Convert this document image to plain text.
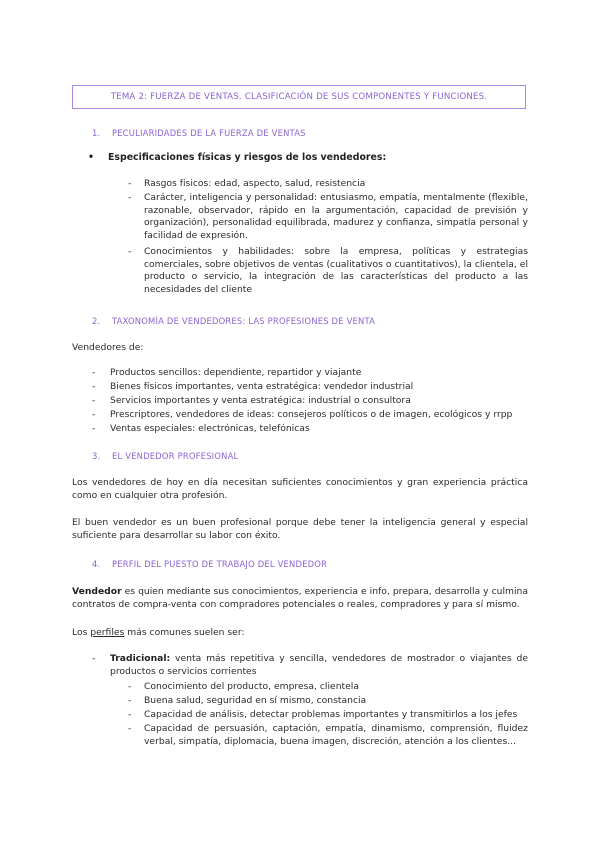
TEMA 2: FUERZA DE VENTAS. CLASIFICACIÓN DE SUS COMPONENTES Y FUNCIONES.
1. PECULIARIDADES DE LA FUERZA DE VENTAS
• Especificaciones físicas y riesgos de los vendedores:
- Rasgos físicos: edad, aspecto, salud, resistencia
- Carácter, inteligencia y personalidad: entusiasmo, empatía, mentalmente (flexible, razonable, observador, rápido en la argumentación, capacidad de previsión y organización), personalidad equilibrada, madurez y confianza, simpatía personal y facilidad de expresión.
- Conocimientos y habilidades: sobre la empresa, políticas y estrategias comerciales, sobre objetivos de ventas (cualitativos o cuantitativos), la clientela, el producto o servicio, la integración de las características del producto a las necesidades del cliente
2. TAXONOMÍA DE VENDEDORES: LAS PROFESIONES DE VENTA
Vendedores de:
- Productos sencillos: dependiente, repartidor y viajante
- Bienes físicos importantes, venta estratégica: vendedor industrial
- Servicios importantes y venta estratégica: industrial o consultora
- Prescriptores, vendedores de ideas: consejeros políticos o de imagen, ecológicos y rrpp
- Ventas especiales: electrónicas, telefónicas
3. EL VENDEDOR PROFESIONAL
Los vendedores de hoy en día necesitan suficientes conocimientos y gran experiencia práctica como en cualquier otra profesión.
El buen vendedor es un buen profesional porque debe tener la inteligencia general y especial suficiente para desarrollar su labor con éxito.
4. PERFIL DEL PUESTO DE TRABAJO DEL VENDEDOR
Vendedor es quien mediante sus conocimientos, experiencia e info, prepara, desarrolla y culmina contratos de compra-venta con compradores potenciales o reales, compradores y para sí mismo.
Los perfiles más comunes suelen ser:
- Tradicional: venta más repetitiva y sencilla, vendedores de mostrador o viajantes de productos o servicios corrientes
- Conocimiento del producto, empresa, clientela
- Buena salud, seguridad en sí mismo, constancia
- Capacidad de análisis, detectar problemas importantes y transmitirlos a los jefes
- Capacidad de persuasión, captación, empatía, dinamismo, comprensión, fluidez verbal, simpatía, diplomacia, buena imagen, discreción, atención a los clientes...
